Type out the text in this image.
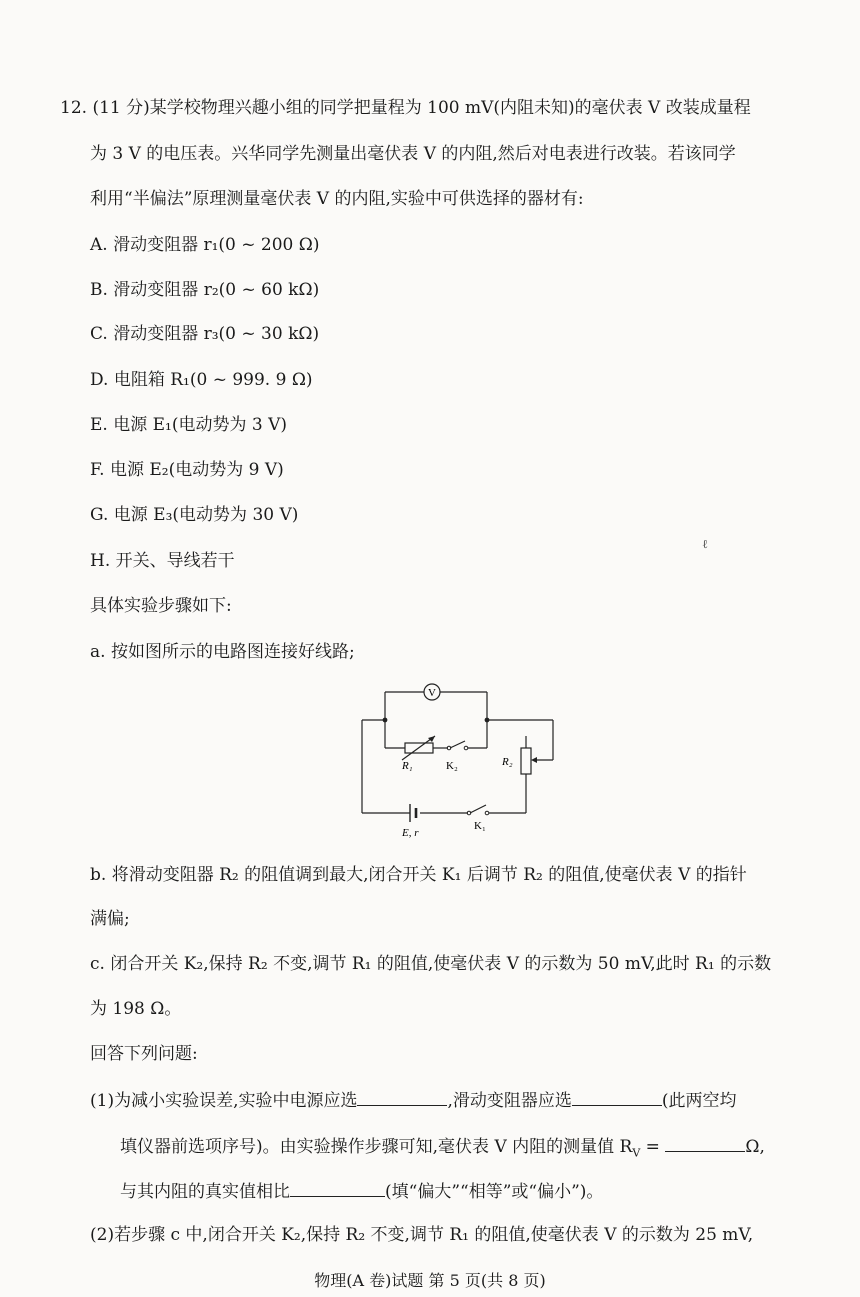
12. (11 分)某学校物理兴趣小组的同学把量程为 100 mV(内阻未知)的毫伏表 V 改装成量程
为 3 V 的电压表。兴华同学先测量出毫伏表 V 的内阻,然后对电表进行改装。若该同学
利用“半偏法”原理测量毫伏表 V 的内阻,实验中可供选择的器材有:
A. 滑动变阻器 r₁(0 ~ 200 Ω)
B. 滑动变阻器 r₂(0 ~ 60 kΩ)
C. 滑动变阻器 r₃(0 ~ 30 kΩ)
D. 电阻箱 R₁(0 ~ 999. 9 Ω)
E. 电源 E₁(电动势为 3 V)
F. 电源 E₂(电动势为 9 V)
G. 电源 E₃(电动势为 30 V)
H. 开关、导线若干
ℓ
具体实验步骤如下:
a. 按如图所示的电路图连接好线路;
V
R₁	K₂	R₂
E, r
K₁
b. 将滑动变阻器 R₂ 的阻值调到最大,闭合开关 K₁ 后调节 R₂ 的阻值,使毫伏表 V 的指针
满偏;
c. 闭合开关 K₂,保持 R₂ 不变,调节 R₁ 的阻值,使毫伏表 V 的示数为 50 mV,此时 R₁ 的示数
为 198 Ω。
回答下列问题:
(1)为减小实验误差,实验中电源应选	,滑动变阻器应选	(此两空均
填仪器前选项序号)。由实验操作步骤可知,毫伏表 V 内阻的测量值 $R_V$ =	Ω,
与其内阻的真实值相比	(填“偏大”“相等”或“偏小”)。
(2)若步骤 c 中,闭合开关 K₂,保持 R₂ 不变,调节 R₁ 的阻值,使毫伏表 V 的示数为 25 mV,
物理(A 卷)试题 第 5 页(共 8 页)
